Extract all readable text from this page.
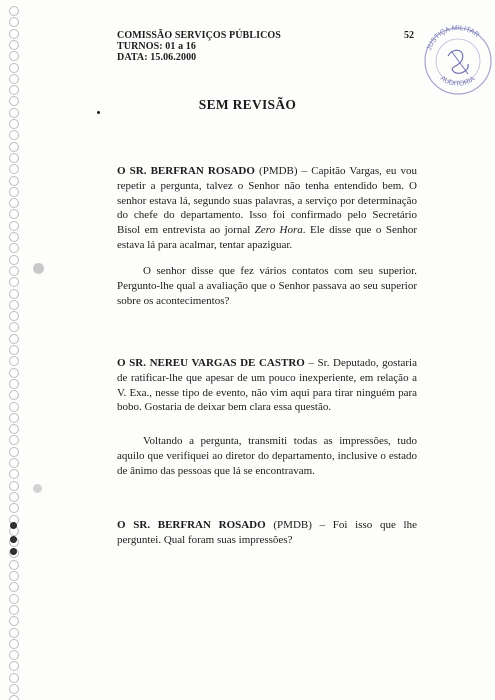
COMISSÃO SERVIÇOS PÚBLICOS
TURNOS: 01 a 16
DATA: 15.06.2000
52
JUSTIÇA MILITAR
AUDITORIA
SEM REVISÃO

O SR. BERFRAN ROSADO (PMDB) – Capitão Vargas, eu vou repetir a pergunta, talvez o Senhor não tenha entendido bem. O senhor estava lá, segundo suas palavras, a serviço por determinação do chefe do departamento. Isso foi confirmado pelo Secretário Bisol em entrevista ao jornal Zero Hora. Ele disse que o Senhor estava lá para acalmar, tentar apaziguar.

O senhor disse que fez vários contatos com seu superior. Pergunto-lhe qual a avaliação que o Senhor passava ao seu superior sobre os acontecimentos?

O SR. NEREU VARGAS DE CASTRO – Sr. Deputado, gostaria de ratificar-lhe que apesar de um pouco inexperiente, em relação a V. Exa., nesse tipo de evento, não vim aqui para tirar ninguém para bobo. Gostaria de deixar bem clara essa questão.

Voltando a pergunta, transmiti todas as impressões, tudo aquilo que verifiquei ao diretor do departamento, inclusive o estado de ânimo das pessoas que lá se encontravam.

O SR. BERFRAN ROSADO (PMDB) – Foi isso que lhe perguntei. Qual foram suas impressões?
